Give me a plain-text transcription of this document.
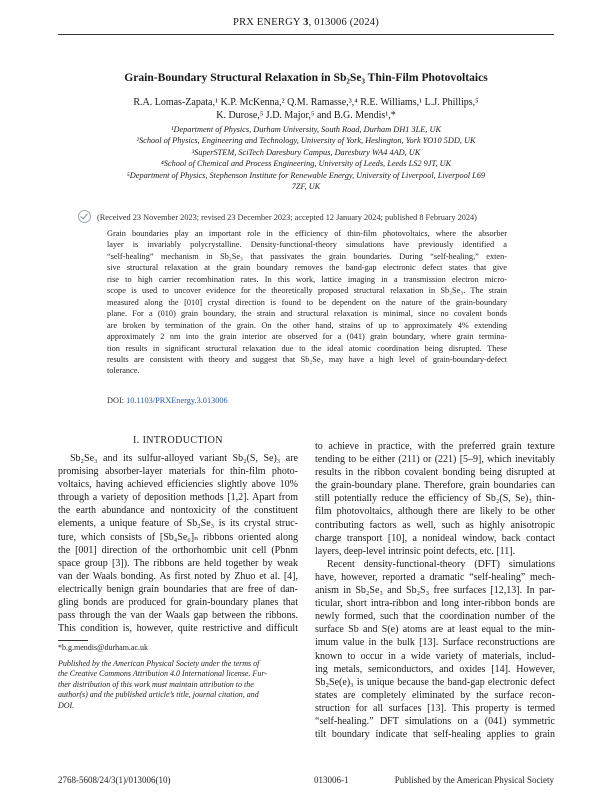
PRX ENERGY 3, 013006 (2024)
Grain-Boundary Structural Relaxation in Sb₂Se₃ Thin-Film Photovoltaics
R.A. Lomas-Zapata,¹ K.P. McKenna,² Q.M. Ramasse,³,⁴ R.E. Williams,¹ L.J. Phillips,⁵
K. Durose,⁵ J.D. Major,⁵ and B.G. Mendis¹,*
¹Department of Physics, Durham University, South Road, Durham DH1 3LE, UK
²School of Physics, Engineering and Technology, University of York, Heslington, York YO10 5DD, UK
³SuperSTEM, SciTech Daresbury Campus, Daresbury WA4 4AD, UK
⁴School of Chemical and Process Engineering, University of Leeds, Leeds LS2 9JT, UK
⁵Department of Physics, Stephenson Institute for Renewable Energy, University of Liverpool, Liverpool L69
7ZF, UK
(Received 23 November 2023; revised 23 December 2023; accepted 12 January 2024; published 8 February 2024)
Grain boundaries play an important role in the efficiency of thin-film photovoltaics, where the absorber
layer is invariably polycrystalline. Density-functional-theory simulations have previously identified a
“self-healing” mechanism in Sb₂Se₃ that passivates the grain boundaries. During “self-healing,” exten-
sive structural relaxation at the grain boundary removes the band-gap electronic defect states that give
rise to high carrier recombination rates. In this work, lattice imaging in a transmission electron micro-
scope is used to uncover evidence for the theoretically proposed structural relaxation in Sb₂Se₃. The strain
measured along the [010] crystal direction is found to be dependent on the nature of the grain-boundary
plane. For a (010) grain boundary, the strain and structural relaxation is minimal, since no covalent bonds
are broken by termination of the grain. On the other hand, strains of up to approximately 4% extending
approximately 2 nm into the grain interior are observed for a (041) grain boundary, where grain termina-
tion results in significant structural relaxation due to the ideal atomic coordination being disrupted. These
results are consistent with theory and suggest that Sb₂Se₃ may have a high level of grain-boundary-defect
tolerance.
DOI: 10.1103/PRXEnergy.3.013006
I. INTRODUCTION
Sb₂Se₃ and its sulfur-alloyed variant Sb₂(S, Se)₃ are
promising absorber-layer materials for thin-film photo-
voltaics, having achieved efficiencies slightly above 10%
through a variety of deposition methods [1,2]. Apart from
the earth abundance and nontoxicity of the constituent
elements, a unique feature of Sb₂Se₃ is its crystal struc-
ture, which consists of [Sb₄Se₆]ₙ ribbons oriented along
the [001] direction of the orthorhombic unit cell (Pbnm
space group [3]). The ribbons are held together by weak
van der Waals bonding. As first noted by Zhuo et al. [4],
electrically benign grain boundaries that are free of dan-
gling bonds are produced for grain-boundary planes that
pass through the van der Waals gap between the ribbons.
This condition is, however, quite restrictive and difficult
*b.g.mendis@durham.ac.uk
Published by the American Physical Society under the terms of
the Creative Commons Attribution 4.0 International license. Fur-
ther distribution of this work must maintain attribution to the
author(s) and the published article’s title, journal citation, and
DOI.
to achieve in practice, with the preferred grain texture
tending to be either (211) or (221) [5–9], which inevitably
results in the ribbon covalent bonding being disrupted at
the grain-boundary plane. Therefore, grain boundaries can
still potentially reduce the efficiency of Sb₂(S, Se)₃ thin-
film photovoltaics, although there are likely to be other
contributing factors as well, such as highly anisotropic
charge transport [10], a nonideal window, back contact
layers, deep-level intrinsic point defects, etc. [11].
Recent density-functional-theory (DFT) simulations
have, however, reported a dramatic “self-healing” mech-
anism in Sb₂Se₃ and Sb₂S₃ free surfaces [12,13]. In par-
ticular, short intra-ribbon and long inter-ribbon bonds are
newly formed, such that the coordination number of the
surface Sb and S(e) atoms are at least equal to the min-
imum value in the bulk [13]. Surface reconstructions are
known to occur in a wide variety of materials, includ-
ing metals, semiconductors, and oxides [14]. However,
Sb₂Se(e)₃ is unique because the band-gap electronic defect
states are completely eliminated by the surface recon-
struction for all surfaces [13]. This property is termed
“self-healing.” DFT simulations on a (041) symmetric
tilt boundary indicate that self-healing applies to grain
2768-5608/24/3(1)/013006(10)	013006-1	Published by the American Physical Society
